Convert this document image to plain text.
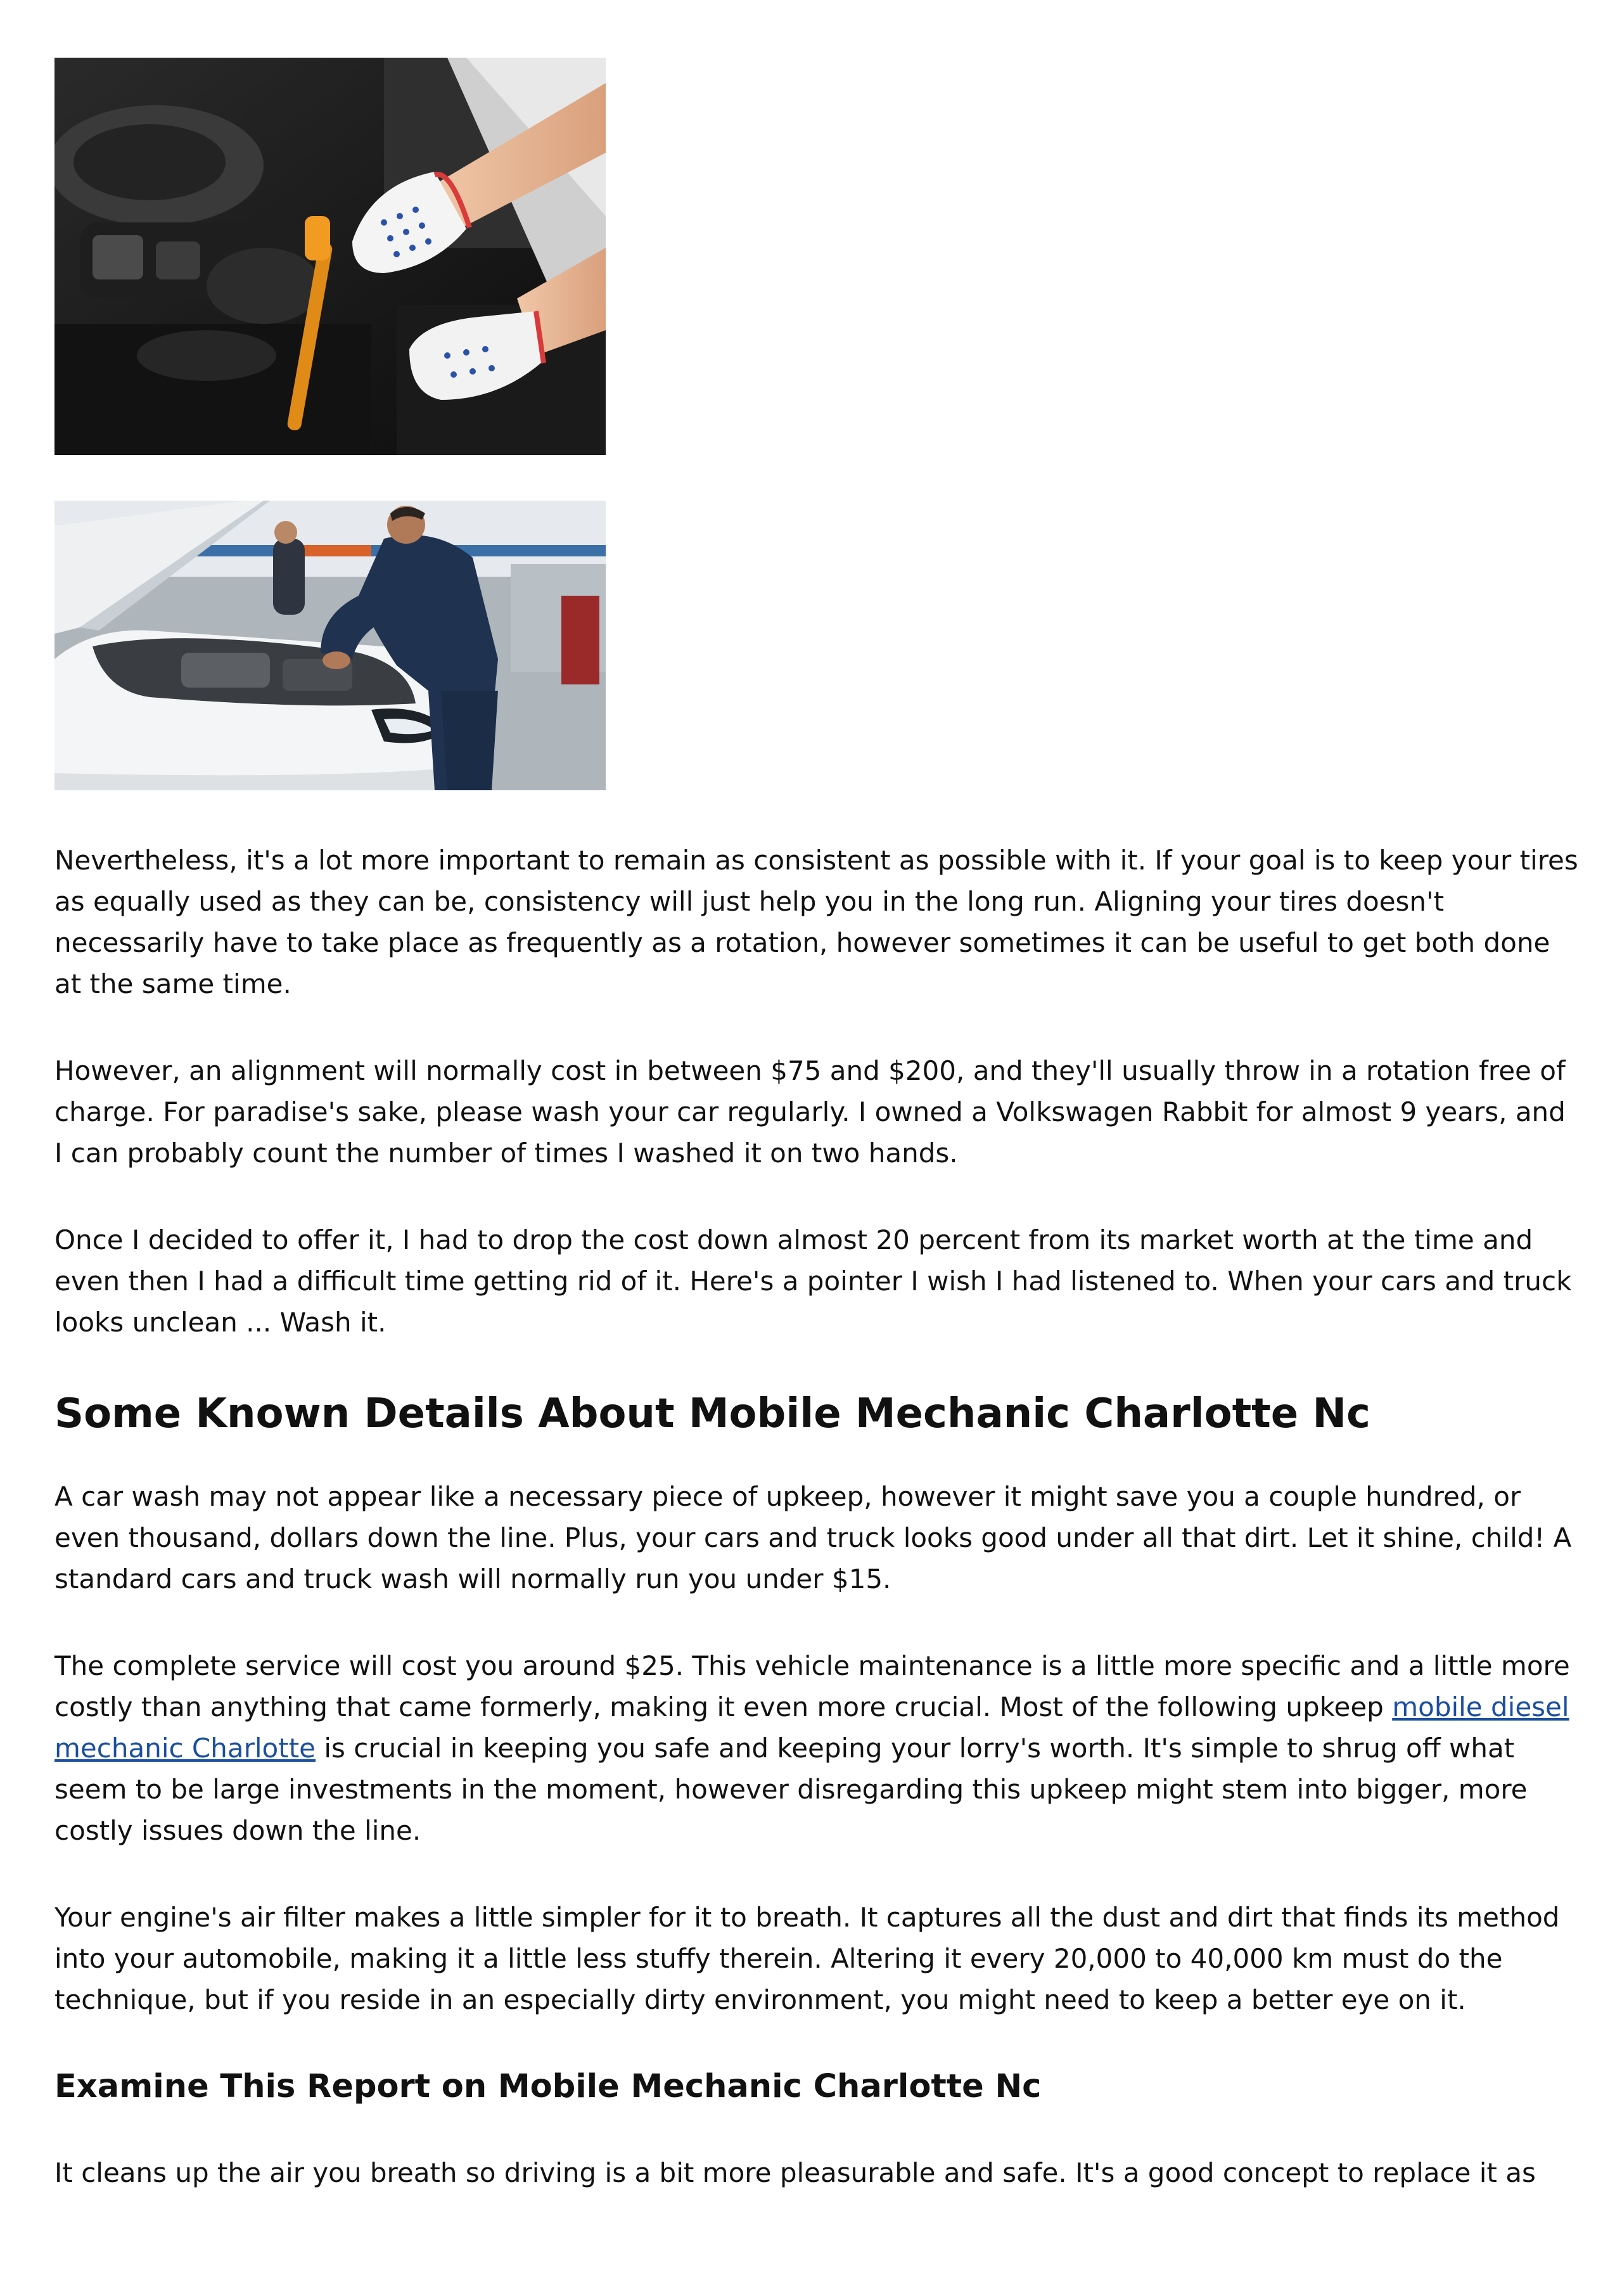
Nevertheless, it's a lot more important to remain as consistent as possible with it. If your goal is to keep your tires as equally used as they can be, consistency will just help you in the long run. Aligning your tires doesn't necessarily have to take place as frequently as a rotation, however sometimes it can be useful to get both done at the same time.

However, an alignment will normally cost in between $75 and $200, and they'll usually throw in a rotation free of charge. For paradise's sake, please wash your car regularly. I owned a Volkswagen Rabbit for almost 9 years, and I can probably count the number of times I washed it on two hands.

Once I decided to offer it, I had to drop the cost down almost 20 percent from its market worth at the time and even then I had a difficult time getting rid of it. Here's a pointer I wish I had listened to. When your cars and truck looks unclean ... Wash it.

Some Known Details About Mobile Mechanic Charlotte Nc

A car wash may not appear like a necessary piece of upkeep, however it might save you a couple hundred, or even thousand, dollars down the line. Plus, your cars and truck looks good under all that dirt. Let it shine, child! A standard cars and truck wash will normally run you under $15.

The complete service will cost you around $25. This vehicle maintenance is a little more specific and a little more costly than anything that came formerly, making it even more crucial. Most of the following upkeep mobile diesel mechanic Charlotte is crucial in keeping you safe and keeping your lorry's worth. It's simple to shrug off what seem to be large investments in the moment, however disregarding this upkeep might stem into bigger, more costly issues down the line.

Your engine's air filter makes a little simpler for it to breath. It captures all the dust and dirt that finds its method into your automobile, making it a little less stuffy therein. Altering it every 20,000 to 40,000 km must do the technique, but if you reside in an especially dirty environment, you might need to keep a better eye on it.

Examine This Report on Mobile Mechanic Charlotte Nc

It cleans up the air you breath so driving is a bit more pleasurable and safe. It's a good concept to replace it as
